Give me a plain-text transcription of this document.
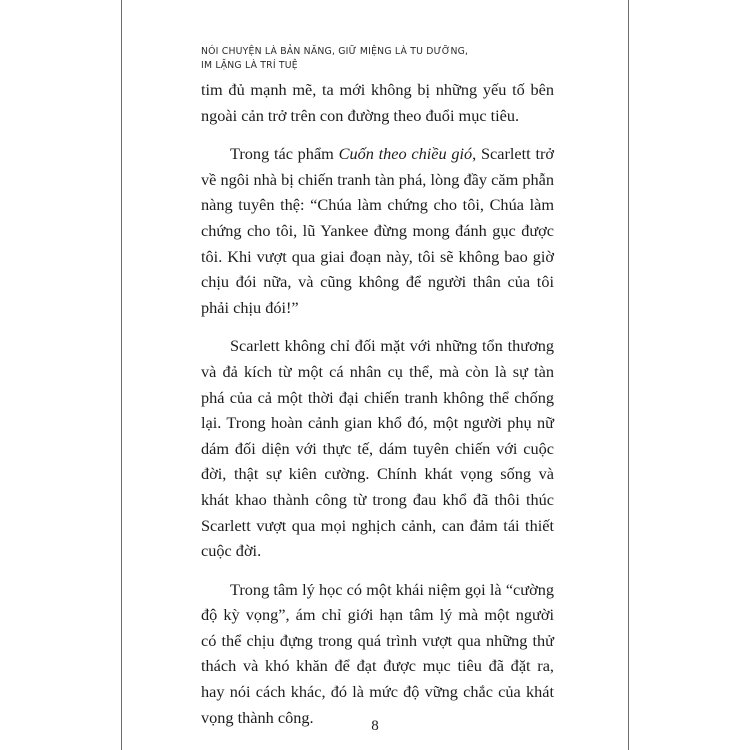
NÓI CHUYỆN LÀ BẢN NĂNG, GIỮ MIỆNG LÀ TU DƯỠNG,
IM LẶNG LÀ TRÍ TUỆ

tim đủ mạnh mẽ, ta mới không bị những yếu tố bên
ngoài cản trở trên con đường theo đuổi mục tiêu.

Trong tác phẩm Cuốn theo chiều gió, Scarlett trở
về ngôi nhà bị chiến tranh tàn phá, lòng đầy căm phẫn
nàng tuyên thệ: “Chúa làm chứng cho tôi, Chúa làm
chứng cho tôi, lũ Yankee đừng mong đánh gục được
tôi. Khi vượt qua giai đoạn này, tôi sẽ không bao giờ
chịu đói nữa, và cũng không để người thân của tôi
phải chịu đói!”

Scarlett không chỉ đối mặt với những tổn thương
và đả kích từ một cá nhân cụ thể, mà còn là sự tàn
phá của cả một thời đại chiến tranh không thể chống
lại. Trong hoàn cảnh gian khổ đó, một người phụ nữ
dám đối diện với thực tế, dám tuyên chiến với cuộc
đời, thật sự kiên cường. Chính khát vọng sống và
khát khao thành công từ trong đau khổ đã thôi thúc
Scarlett vượt qua mọi nghịch cảnh, can đảm tái thiết
cuộc đời.

Trong tâm lý học có một khái niệm gọi là “cường
độ kỳ vọng”, ám chỉ giới hạn tâm lý mà một người
có thể chịu đựng trong quá trình vượt qua những thử
thách và khó khăn để đạt được mục tiêu đã đặt ra,
hay nói cách khác, đó là mức độ vững chắc của khát
vọng thành công.	8
